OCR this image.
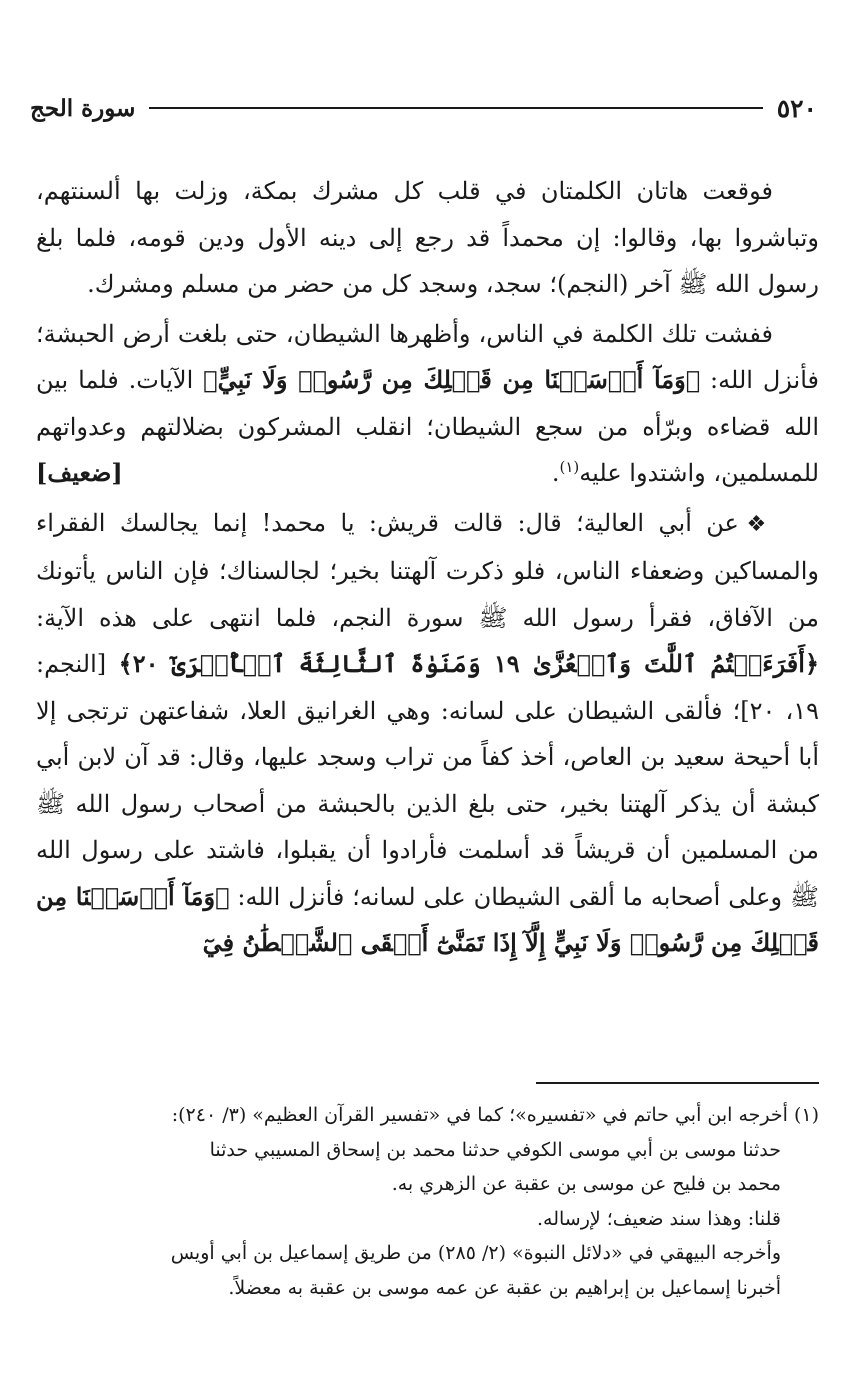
٥٢٠
سورة الحج

فوقعت هاتان الكلمتان في قلب كل مشرك بمكة، وزلت بها ألسنتهم، وتباشروا بها، وقالوا: إن محمداً قد رجع إلى دينه الأول ودين قومه، فلما بلغ رسول الله ﷺ آخر (النجم)؛ سجد، وسجد كل من حضر من مسلم ومشرك.

ففشت تلك الكلمة في الناس، وأظهرها الشيطان، حتى بلغت أرض الحبشة؛ فأنزل الله: ﴿وَمَآ أَرۡسَلۡنَا مِن قَبۡلِكَ مِن رَّسُولٖ وَلَا نَبِيٍّ﴾ الآيات. فلما بين الله قضاءه وبرّأه من سجع الشيطان؛ انقلب المشركون بضلالتهم وعدواتهم للمسلمين، واشتدوا عليه$^{(١)}$.
[ضعيف]

❖ عن أبي العالية؛ قال: قالت قريش: يا محمد! إنما يجالسك الفقراء والمساكين وضعفاء الناس، فلو ذكرت آلهتنا بخير؛ لجالسناك؛ فإن الناس يأتونك من الآفاق، فقرأ رسول الله ﷺ سورة النجم، فلما انتهى على هذه الآية: ﴿أَفَرَءَيۡتُمُ ٱللَّٰتَ وَٱلۡعُزَّىٰ ١٩ وَمَنَوٰةَ ٱلثَّالِثَةَ ٱلۡأُخۡرَىٰٓ ٢٠﴾ [النجم: ١٩، ٢٠]؛ فألقى الشيطان على لسانه: وهي الغرانيق العلا، شفاعتهن ترتجى إلا أبا أحيحة سعيد بن العاص، أخذ كفاً من تراب وسجد عليها، وقال: قد آن لابن أبي كبشة أن يذكر آلهتنا بخير، حتى بلغ الذين بالحبشة من أصحاب رسول الله ﷺ من المسلمين أن قريشاً قد أسلمت فأرادوا أن يقبلوا، فاشتد على رسول الله ﷺ وعلى أصحابه ما ألقى الشيطان على لسانه؛ فأنزل الله: ﴿وَمَآ أَرۡسَلۡنَا مِن قَبۡلِكَ مِن رَّسُولٖ وَلَا نَبِيٍّ إِلَّآ إِذَا تَمَنَّىٰٓ أَلۡقَى ٱلشَّيۡطَٰنُ فِيٓ

(١) أخرجه ابن أبي حاتم في «تفسيره»؛ كما في «تفسير القرآن العظيم» (٣/ ٢٤٠):

حدثنا موسى بن أبي موسى الكوفي حدثنا محمد بن إسحاق المسيبي حدثنا

محمد بن فليح عن موسى بن عقبة عن الزهري به.

قلنا: وهذا سند ضعيف؛ لإرساله.

وأخرجه البيهقي في «دلائل النبوة» (٢/ ٢٨٥) من طريق إسماعيل بن أبي أويس

أخبرنا إسماعيل بن إبراهيم بن عقبة عن عمه موسى بن عقبة به معضلاً.
